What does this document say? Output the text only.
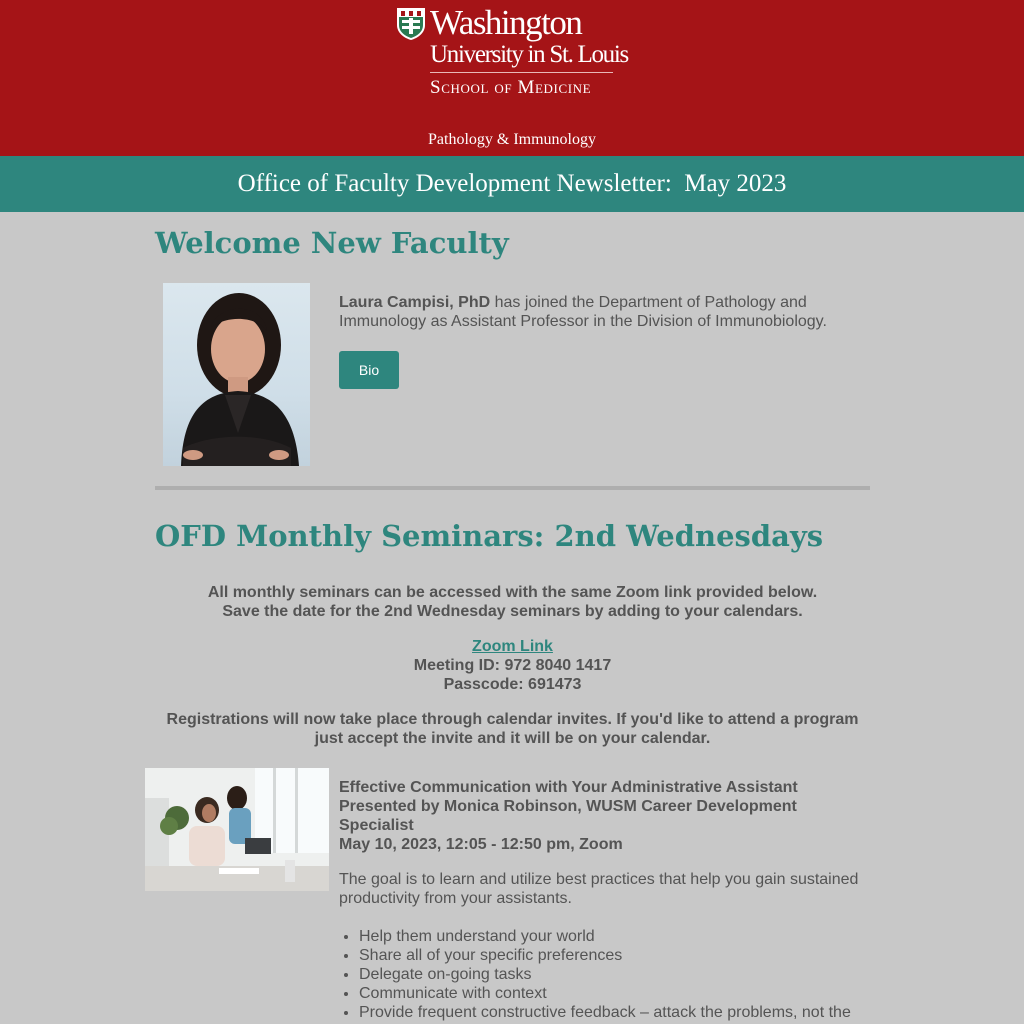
Washington
University in St. Louis
School of Medicine
Pathology & Immunology
Office of Faculty Development Newsletter:  May 2023
Welcome New Faculty
Laura Campisi, PhD has joined the Department of Pathology and Immunology as Assistant Professor in the Division of Immunobiology.
Bio
OFD Monthly Seminars: 2nd Wednesdays
All monthly seminars can be accessed with the same Zoom link provided below.
Save the date for the 2nd Wednesday seminars by adding to your calendars.
Zoom Link
Meeting ID: 972 8040 1417
Passcode: 691473
Registrations will now take place through calendar invites. If you'd like to attend a program just accept the invite and it will be on your calendar.

Effective Communication with Your Administrative Assistant

Presented by Monica Robinson, WUSM Career Development Specialist

May 10, 2023, 12:05 - 12:50 pm, Zoom

The goal is to learn and utilize best practices that help you gain sustained productivity from your assistants.

• Help them understand your world
• Share all of your specific preferences
• Delegate on-going tasks
• Communicate with context
• Provide frequent constructive feedback – attack the problems, not the
